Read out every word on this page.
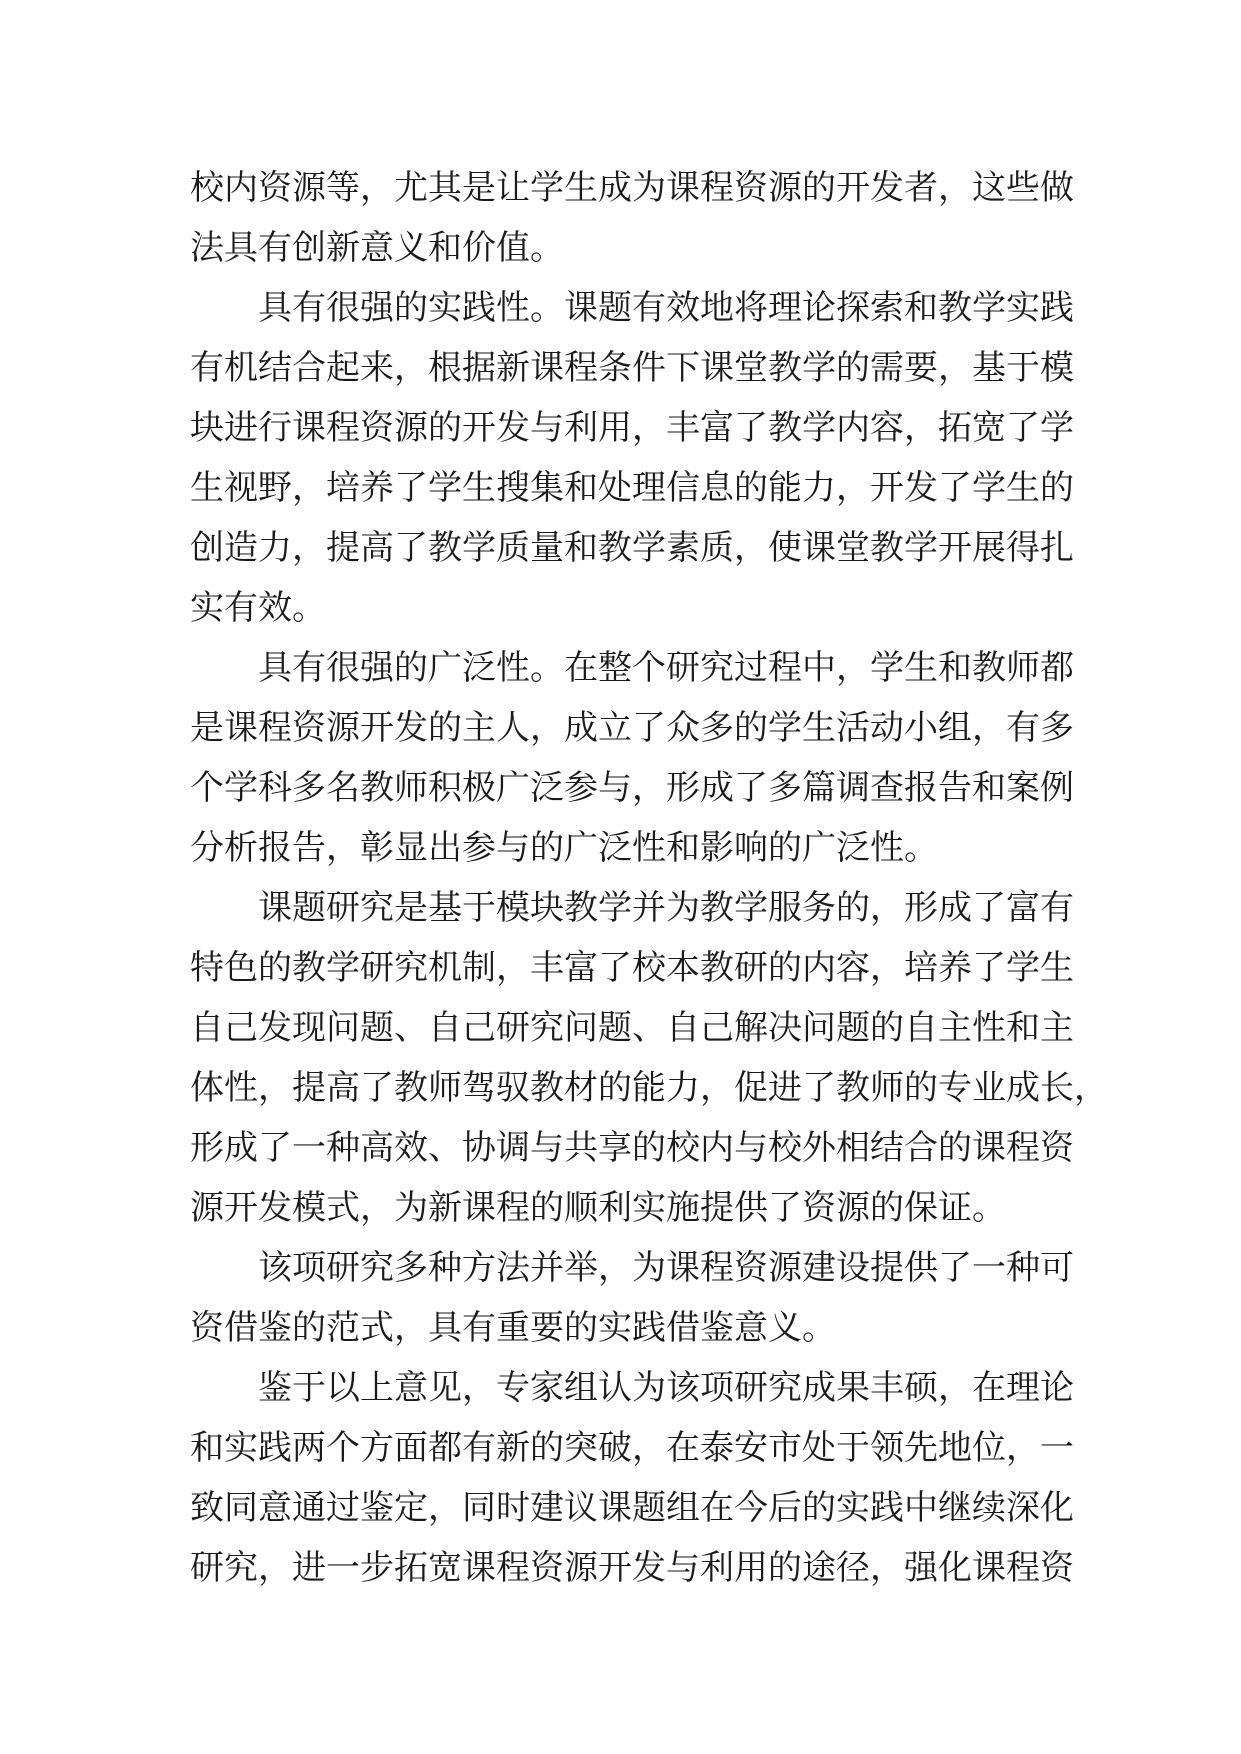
校内资源等，尤其是让学生成为课程资源的开发者，这些做
法具有创新意义和价值。
具有很强的实践性。课题有效地将理论探索和教学实践
有机结合起来，根据新课程条件下课堂教学的需要，基于模
块进行课程资源的开发与利用，丰富了教学内容，拓宽了学
生视野，培养了学生搜集和处理信息的能力，开发了学生的
创造力，提高了教学质量和教学素质，使课堂教学开展得扎
实有效。
具有很强的广泛性。在整个研究过程中，学生和教师都
是课程资源开发的主人，成立了众多的学生活动小组，有多
个学科多名教师积极广泛参与，形成了多篇调查报告和案例
分析报告，彰显出参与的广泛性和影响的广泛性。
课题研究是基于模块教学并为教学服务的，形成了富有
特色的教学研究机制，丰富了校本教研的内容，培养了学生
自己发现问题、自己研究问题、自己解决问题的自主性和主
体性，提高了教师驾驭教材的能力，促进了教师的专业成长，
形成了一种高效、协调与共享的校内与校外相结合的课程资
源开发模式，为新课程的顺利实施提供了资源的保证。
该项研究多种方法并举，为课程资源建设提供了一种可
资借鉴的范式，具有重要的实践借鉴意义。
鉴于以上意见，专家组认为该项研究成果丰硕，在理论
和实践两个方面都有新的突破，在泰安市处于领先地位，一
致同意通过鉴定，同时建议课题组在今后的实践中继续深化
研究，进一步拓宽课程资源开发与利用的途径，强化课程资
